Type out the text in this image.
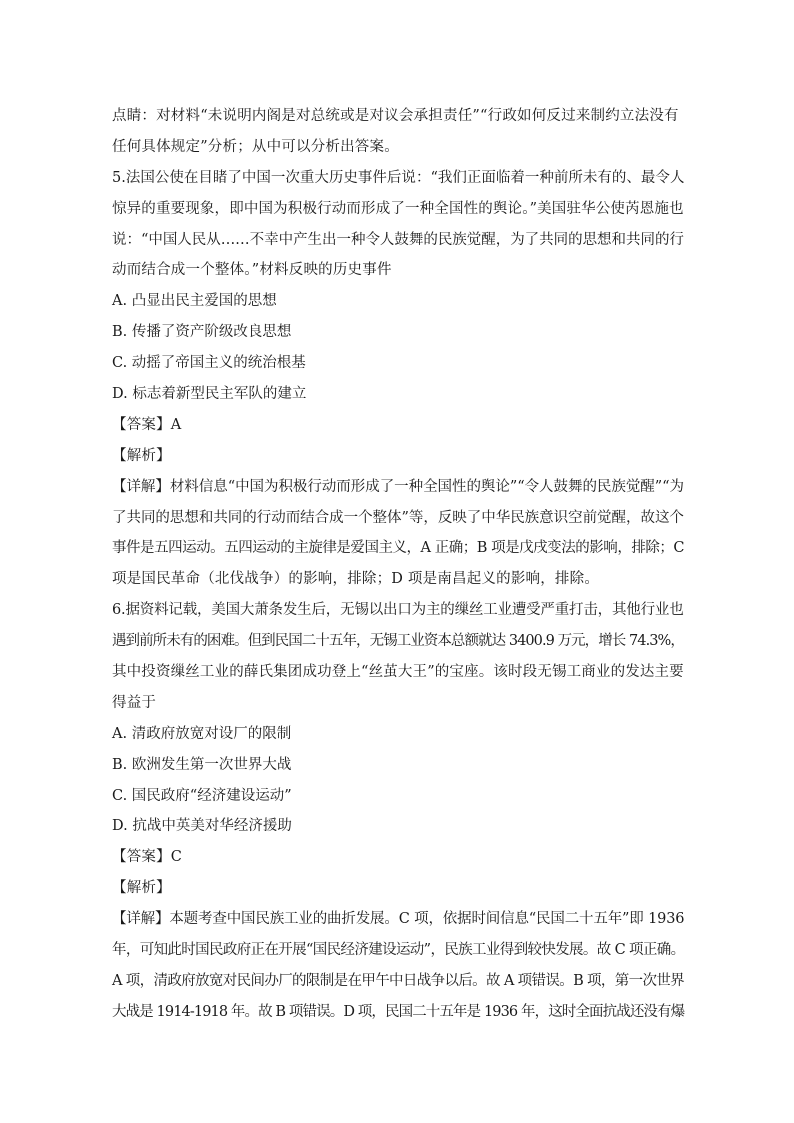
点睛：对材料“未说明内阁是对总统或是对议会承担责任”“行政如何反过来制约立法没有
任何具体规定”分析；从中可以分析出答案。
5.法国公使在目睹了中国一次重大历史事件后说：“我们正面临着一种前所未有的、最令人
惊异的重要现象，即中国为积极行动而形成了一种全国性的舆论。”美国驻华公使芮恩施也
说：“中国人民从……不幸中产生出一种令人鼓舞的民族觉醒，为了共同的思想和共同的行
动而结合成一个整体。”材料反映的历史事件
A. 凸显出民主爱国的思想
B. 传播了资产阶级改良思想
C. 动摇了帝国主义的统治根基
D. 标志着新型民主军队的建立
【答案】A
【解析】
【详解】材料信息“中国为积极行动而形成了一种全国性的舆论”“令人鼓舞的民族觉醒”“为
了共同的思想和共同的行动而结合成一个整体”等，反映了中华民族意识空前觉醒，故这个
事件是五四运动。五四运动的主旋律是爱国主义，A 正确；B 项是戊戌变法的影响，排除；C
项是国民革命（北伐战争）的影响，排除；D 项是南昌起义的影响，排除。
6.据资料记载，美国大萧条发生后，无锡以出口为主的缫丝工业遭受严重打击，其他行业也
遇到前所未有的困难。但到民国二十五年，无锡工业资本总额就达 3400.9 万元，增长 74.3%，
其中投资缫丝工业的薛氏集团成功登上“丝茧大王”的宝座。该时段无锡工商业的发达主要
得益于
A. 清政府放宽对设厂的限制
B. 欧洲发生第一次世界大战
C. 国民政府“经济建设运动”
D. 抗战中英美对华经济援助
【答案】C
【解析】
【详解】本题考查中国民族工业的曲折发展。C 项，依据时间信息“民国二十五年”即 1936
年，可知此时国民政府正在开展“国民经济建设运动”，民族工业得到较快发展。故 C 项正确。
A 项，清政府放宽对民间办厂的限制是在甲午中日战争以后。故 A 项错误。B 项，第一次世界
大战是 1914-1918 年。故 B 项错误。D 项，民国二十五年是 1936 年，这时全面抗战还没有爆
